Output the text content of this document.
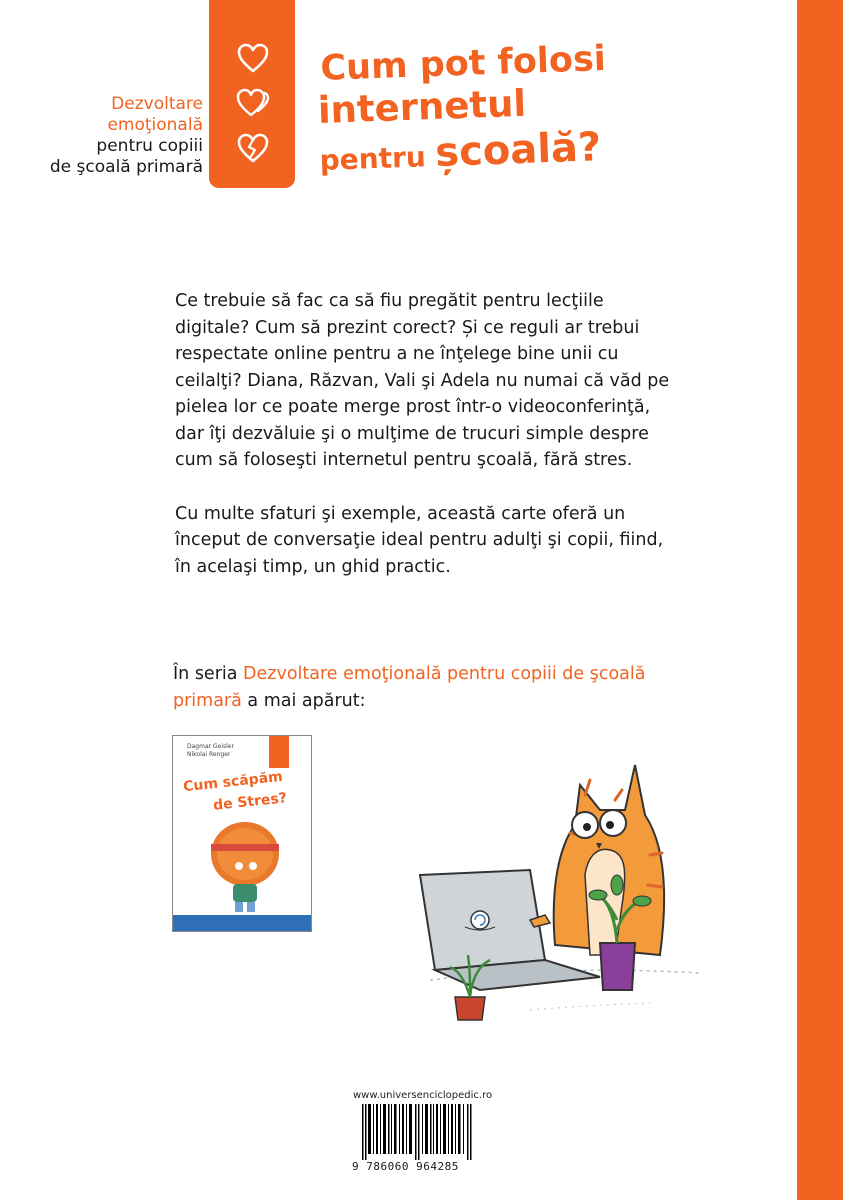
Dezvoltare
emoţională
pentru copiii
de şcoală primară
Cum pot folosi
internetul
pentru școală?

Ce trebuie să fac ca să fiu pregătit pentru lecţiile digitale? Cum să prezint corect? Și ce reguli ar trebui respectate online pentru a ne înţelege bine unii cu ceilalţi? Diana, Răzvan, Vali şi Adela nu numai că văd pe pielea lor ce poate merge prost într-o videoconferinţă, dar îţi dezvăluie şi o mulţime de trucuri simple despre cum să foloseşti internetul pentru şcoală, fără stres.

Cu multe sfaturi şi exemple, această carte oferă un început de conversaţie ideal pentru adulţi şi copii, fiind, în acelaşi timp, un ghid practic.

În seria Dezvoltare emoţională pentru copiii de şcoală primară a mai apărut:
Dagmar Geisler
Nikolai Renger
Cum scăpăm
de Stres?
www.universenciclopedic.ro
9 786060 964285
